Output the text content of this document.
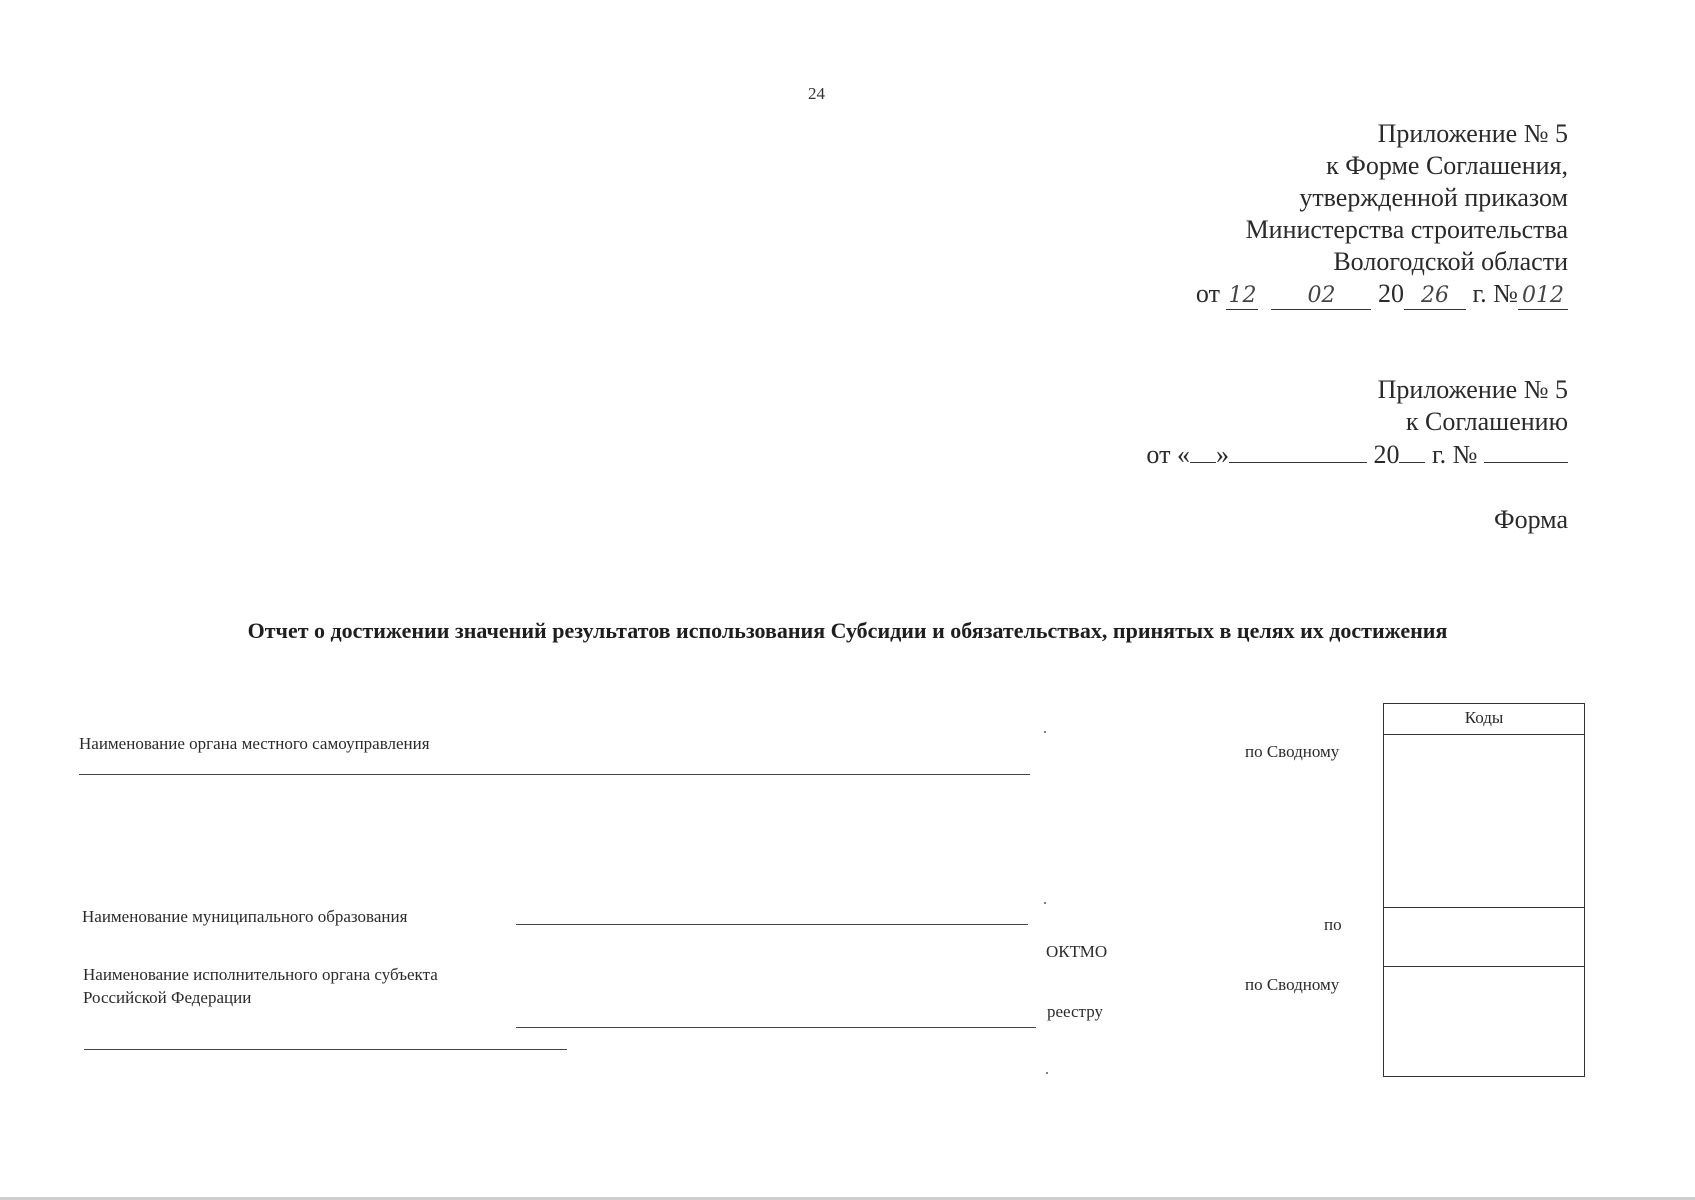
24
Приложение № 5
к Форме Соглашения,
утвержденной приказом
Министерства строительства
Вологодской области
от 12 02 20 26 г. № 012
Приложение № 5
к Соглашению
от « »	20 г. №
Форма
Отчет о достижении значений результатов использования Субсидии и обязательствах, принятых в целях их достижения
Наименование органа местного самоуправления
Наименование муниципального образования
Наименование исполнительного органа субъекта
Российской Федерации
ОКТМО
реестру
по Сводному
по
по Сводному
Коды
